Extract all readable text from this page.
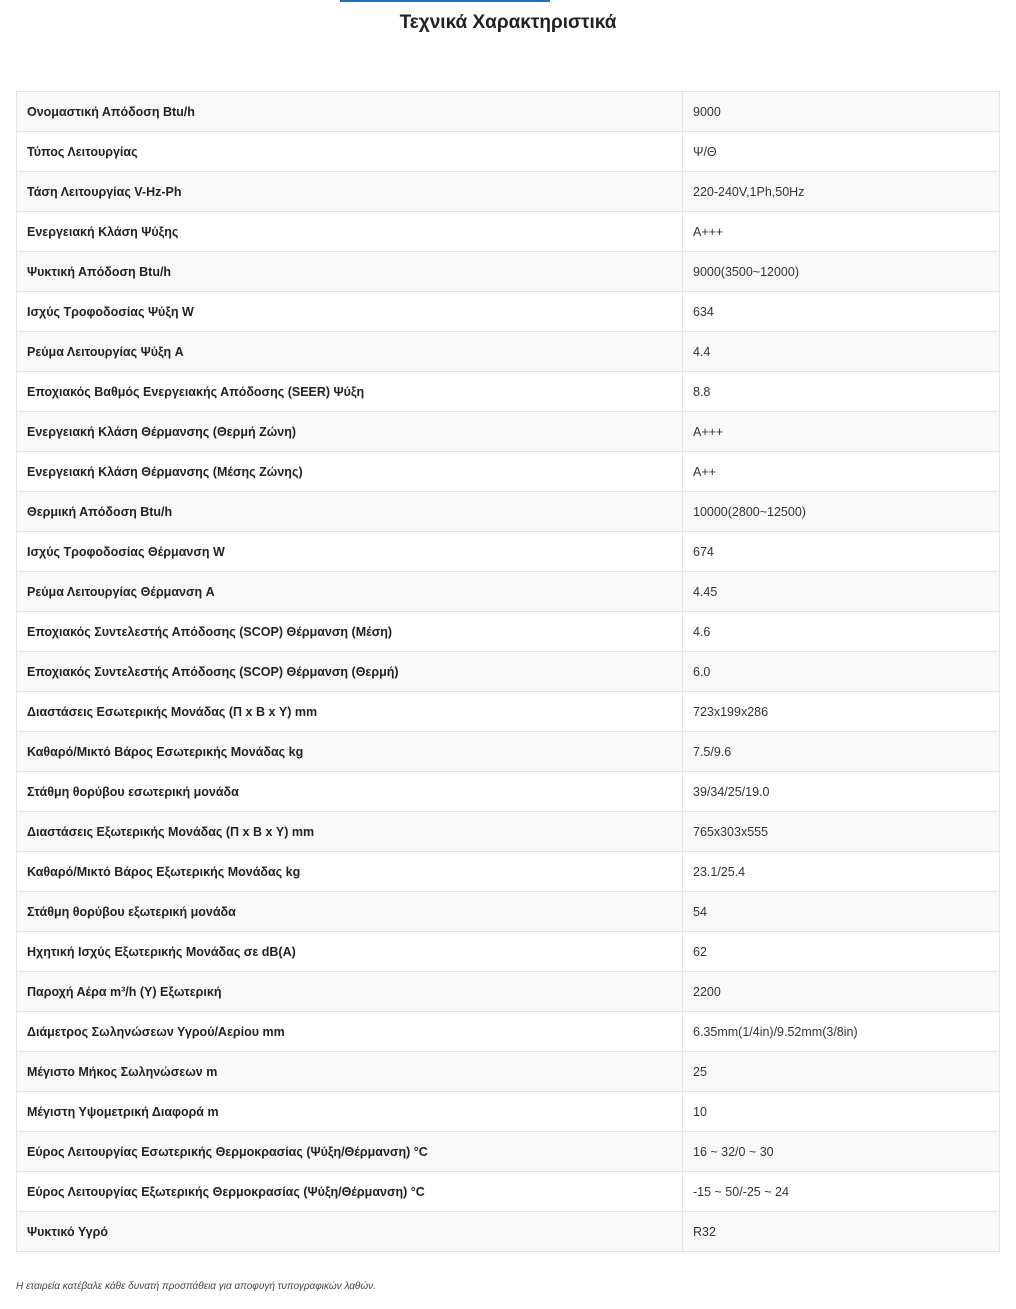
Τεχνικά Χαρακτηριστικά
Ονομαστική Απόδοση Btu/h	9000
Τύπος Λειτουργίας	Ψ/Θ
Τάση Λειτουργίας V-Hz-Ph	220-240V,1Ph,50Hz
Ενεργειακή Κλάση Ψύξης	A+++
Ψυκτική Απόδοση Btu/h	9000(3500~12000)
Ισχύς Τροφοδοσίας Ψύξη W	634
Ρεύμα Λειτουργίας Ψύξη A	4.4
Εποχιακός Βαθμός Ενεργειακής Απόδοσης (SEER) Ψύξη	8.8
Ενεργειακή Κλάση Θέρμανσης (Θερμή Ζώνη)	A+++
Ενεργειακή Κλάση Θέρμανσης (Μέσης Ζώνης)	A++
Θερμική Απόδοση Btu/h	10000(2800~12500)
Ισχύς Τροφοδοσίας Θέρμανση W	674
Ρεύμα Λειτουργίας Θέρμανση A	4.45
Εποχιακός Συντελεστής Απόδοσης (SCOP) Θέρμανση (Μέση)	4.6
Εποχιακός Συντελεστής Απόδοσης (SCOP) Θέρμανση (Θερμή)	6.0
Διαστάσεις Εσωτερικής Μονάδας (Π x Β x Υ) mm	723x199x286
Καθαρό/Μικτό Βάρος Εσωτερικής Μονάδας kg	7.5/9.6
Στάθμη θορύβου εσωτερική μονάδα	39/34/25/19.0
Διαστάσεις Εξωτερικής Μονάδας (Π x Β x Υ) mm	765x303x555
Καθαρό/Μικτό Βάρος Εξωτερικής Μονάδας kg	23.1/25.4
Στάθμη θορύβου εξωτερική μονάδα	54
Ηχητική Ισχύς Εξωτερικής Μονάδας σε dB(A)	62
Παροχή Αέρα m³/h (Υ) Εξωτερική	2200
Διάμετρος Σωληνώσεων Υγρού/Αερίου mm	6.35mm(1/4in)/9.52mm(3/8in)
Μέγιστο Μήκος Σωληνώσεων m	25
Μέγιστη Υψομετρική Διαφορά m	10
Εύρος Λειτουργίας Εσωτερικής Θερμοκρασίας (Ψύξη/Θέρμανση) °C	16 ~ 32/0 ~ 30
Εύρος Λειτουργίας Εξωτερικής Θερμοκρασίας (Ψύξη/Θέρμανση) °C	-15 ~ 50/-25 ~ 24
Ψυκτικό Υγρό	R32

Η εταιρεία κατέβαλε κάθε δυνατή προσπάθεια για αποφυγή τυπογραφικών λαθών.
